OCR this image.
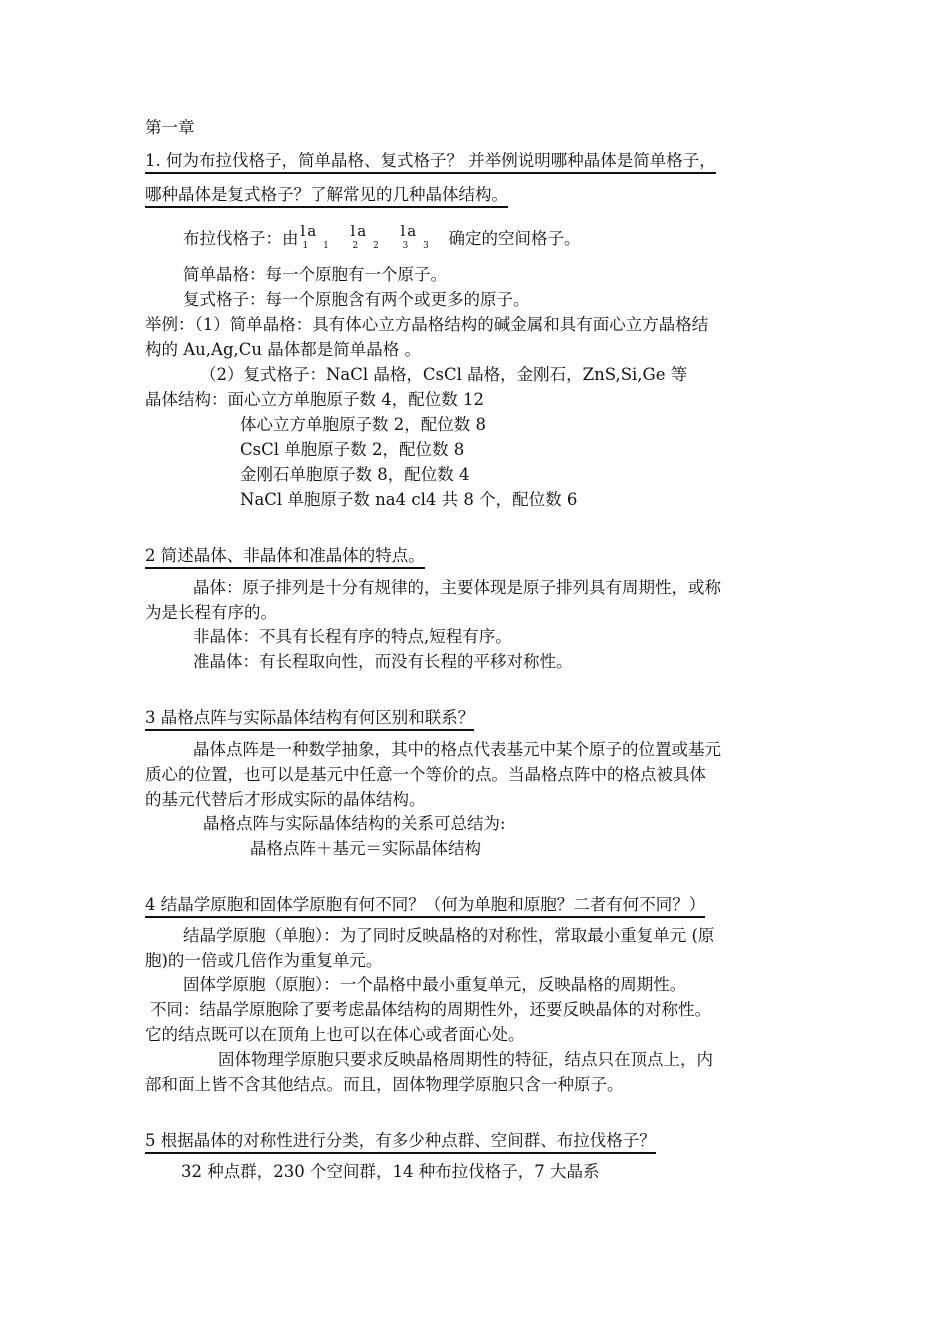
第一章
1. 何为布拉伐格子，简单晶格、复式格子？ 并举例说明哪种晶体是简单格子，
哪种晶体是复式格子？了解常见的几种晶体结构。
布拉伐格子：由 la
1 1
la
2 2
la
3 3 确定的空间格子。
简单晶格：每一个原胞有一个原子。
复式格子：每一个原胞含有两个或更多的原子。
举例：（1）简单晶格：具有体心立方晶格结构的碱金属和具有面心立方晶格结
构的 Au,Ag,Cu 晶体都是简单晶格 。
（2）复式格子：NaCl 晶格，CsCl 晶格，金刚石，ZnS,Si,Ge 等
晶体结构：面心立方单胞原子数 4，配位数 12
体心立方单胞原子数 2，配位数 8
CsCl 单胞原子数 2，配位数 8
金刚石单胞原子数 8，配位数 4
NaCl 单胞原子数 na4 cl4 共 8 个，配位数 6
2 简述晶体、非晶体和准晶体的特点。
晶体：原子排列是十分有规律的，主要体现是原子排列具有周期性，或称
为是长程有序的。
非晶体：不具有长程有序的特点,短程有序。
准晶体：有长程取向性，而没有长程的平移对称性。
3 晶格点阵与实际晶体结构有何区别和联系？
晶体点阵是一种数学抽象，其中的格点代表基元中某个原子的位置或基元
质心的位置，也可以是基元中任意一个等价的点。当晶格点阵中的格点被具体
的基元代替后才形成实际的晶体结构。
晶格点阵与实际晶体结构的关系可总结为:
晶格点阵＋基元＝实际晶体结构
4 结晶学原胞和固体学原胞有何不同？（何为单胞和原胞？二者有何不同？）
结晶学原胞（单胞）：为了同时反映晶格的对称性，常取最小重复单元 (原
胞)的一倍或几倍作为重复单元。
固体学原胞（原胞）：一个晶格中最小重复单元，反映晶格的周期性。
不同：结晶学原胞除了要考虑晶体结构的周期性外，还要反映晶体的对称性。
它的结点既可以在顶角上也可以在体心或者面心处。
固体物理学原胞只要求反映晶格周期性的特征，结点只在顶点上，内
部和面上皆不含其他结点。而且，固体物理学原胞只含一种原子。
5 根据晶体的对称性进行分类，有多少种点群、空间群、布拉伐格子？
32 种点群，230 个空间群，14 种布拉伐格子，7 大晶系
